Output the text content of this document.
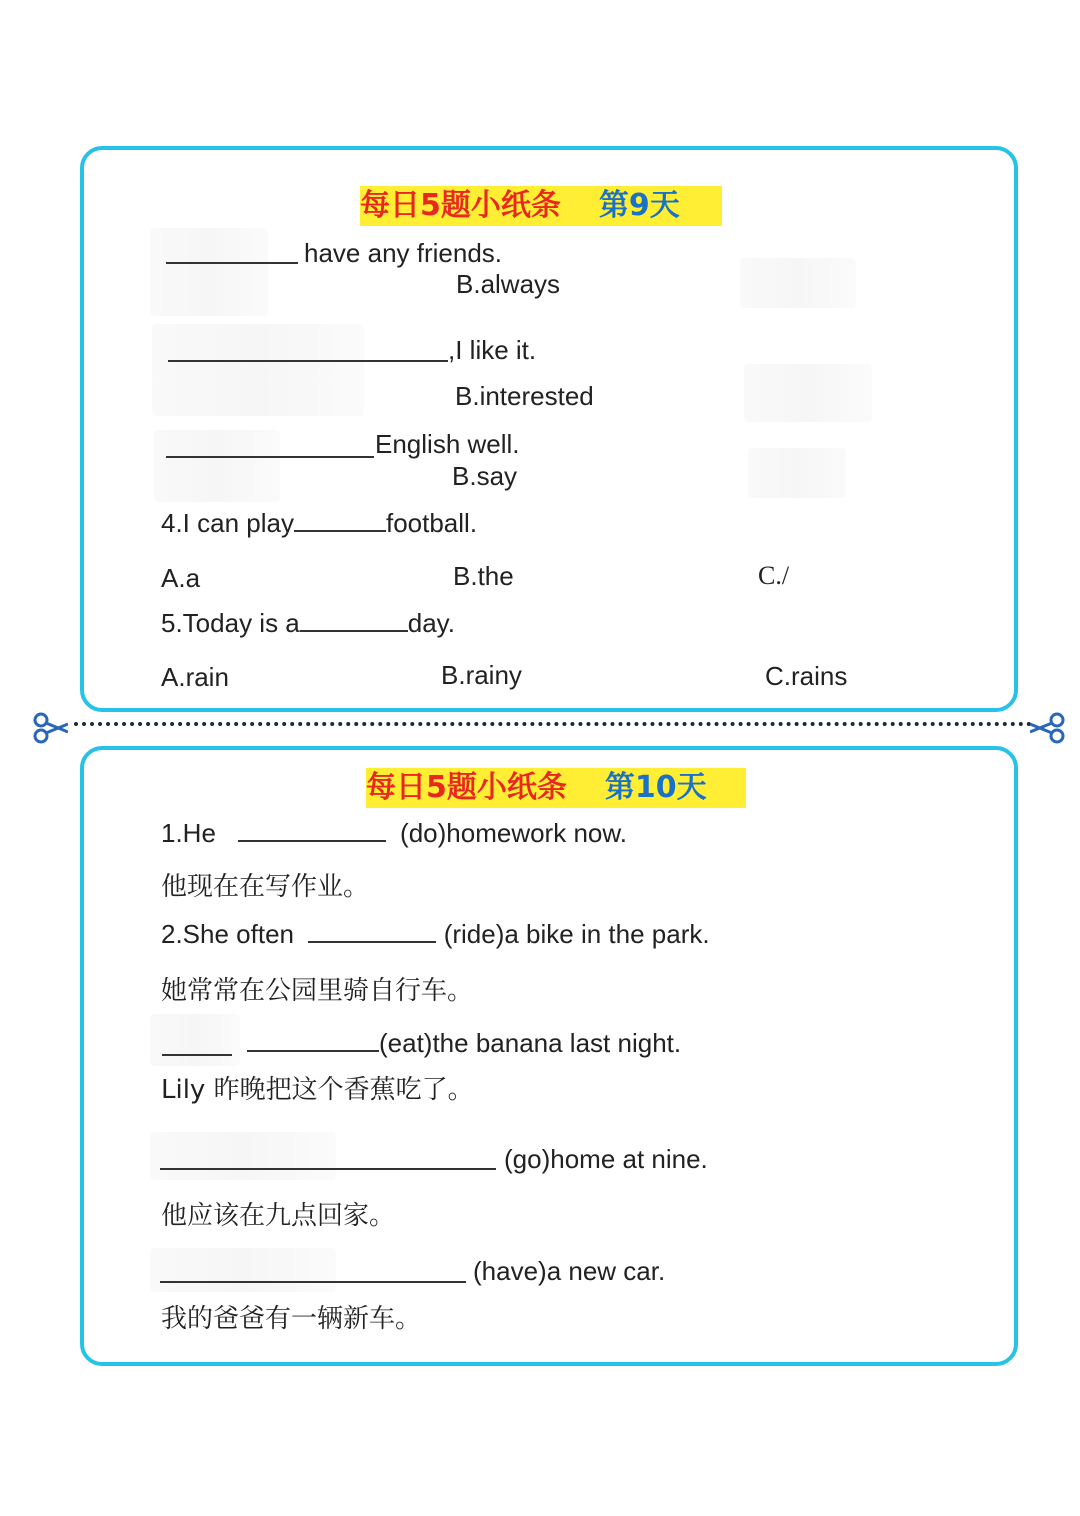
每日5题小纸条 第9天
have any friends.
B.always
,I like it.
B.interested
English well.
B.say
4.I can play	football.
A.a	B.the	C./
5.Today is a	day.
A.rain	B.rainy	C.rains
每日5题小纸条 第10天
1.He	(do)homework now.
他现在在写作业。
2.She often	(ride)a bike in the park.
她常常在公园里骑自行车。
(eat)the banana last night.
Lily 昨晚把这个香蕉吃了。
(go)home at nine.
他应该在九点回家。
(have)a new car.
我的爸爸有一辆新车。
